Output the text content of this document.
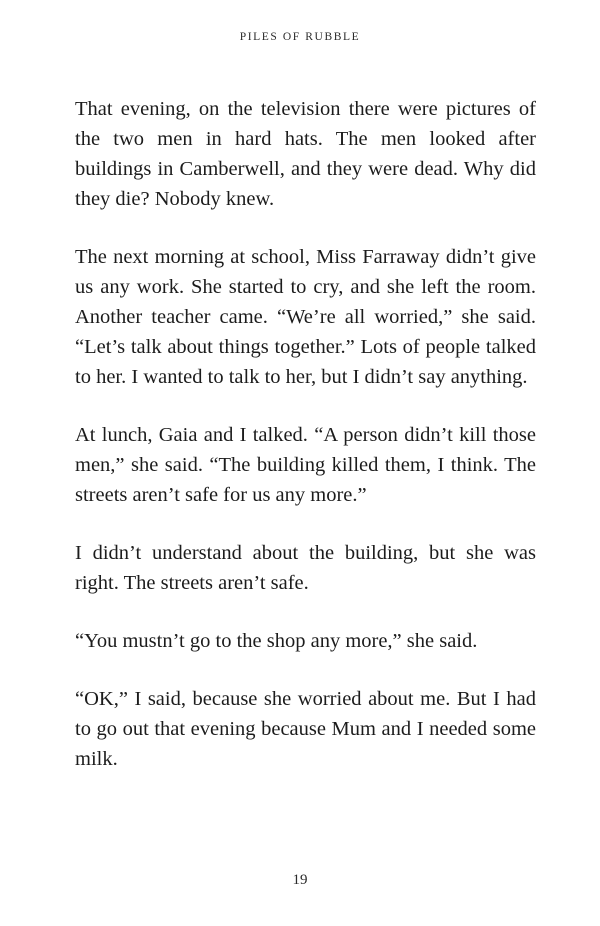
PILES OF RUBBLE

That evening, on the television there were pictures of the two men in hard hats. The men looked after buildings in Camberwell, and they were dead. Why did they die? Nobody knew.

The next morning at school, Miss Farraway didn’t give us any work. She started to cry, and she left the room. Another teacher came. “We’re all worried,” she said. “Let’s talk about things together.” Lots of people talked to her. I wanted to talk to her, but I didn’t say anything.

At lunch, Gaia and I talked. “A person didn’t kill those men,” she said. “The building killed them, I think. The streets aren’t safe for us any more.”

I didn’t understand about the building, but she was right. The streets aren’t safe.

“You mustn’t go to the shop any more,” she said.

“OK,” I said, because she worried about me. But I had to go out that evening because Mum and I needed some milk.

19
